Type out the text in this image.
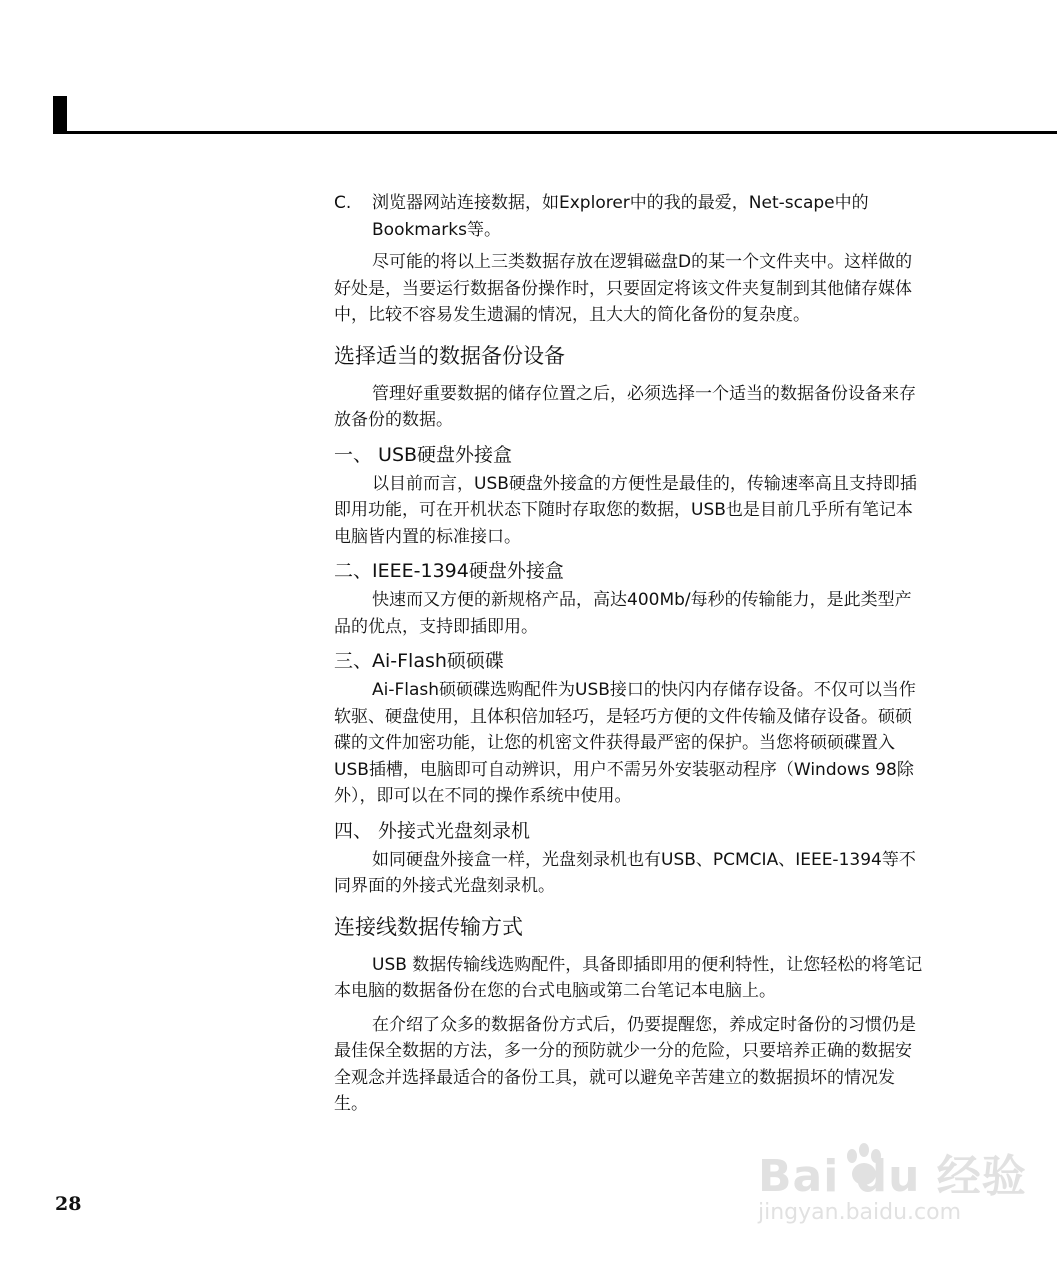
C.	浏览器网站连接数据，如Explorer中的我的最爱，Net-scape中的Bookmarks等。

尽可能的将以上三类数据存放在逻辑磁盘D的某一个文件夹中。这样做的好处是，当要运行数据备份操作时，只要固定将该文件夹复制到其他储存媒体中，比较不容易发生遗漏的情况，且大大的简化备份的复杂度。

选择适当的数据备份设备

管理好重要数据的储存位置之后，必须选择一个适当的数据备份设备来存放备份的数据。

一、 USB硬盘外接盒

以目前而言，USB硬盘外接盒的方便性是最佳的，传输速率高且支持即插即用功能，可在开机状态下随时存取您的数据，USB也是目前几乎所有笔记本电脑皆内置的标准接口。

二、IEEE-1394硬盘外接盒

快速而又方便的新规格产品，高达400Mb/每秒的传输能力，是此类型产品的优点，支持即插即用。

三、Ai-Flash硕硕碟

Ai-Flash硕硕碟选购配件为USB接口的快闪内存储存设备。不仅可以当作软驱、硬盘使用，且体积倍加轻巧，是轻巧方便的文件传输及储存设备。硕硕碟的文件加密功能，让您的机密文件获得最严密的保护。当您将硕硕碟置入USB插槽，电脑即可自动辨识，用户不需另外安装驱动程序（Windows 98除外），即可以在不同的操作系统中使用。

四、 外接式光盘刻录机

如同硬盘外接盒一样，光盘刻录机也有USB、PCMCIA、IEEE-1394等不同界面的外接式光盘刻录机。

连接线数据传输方式

USB 数据传输线选购配件，具备即插即用的便利特性，让您轻松的将笔记本电脑的数据备份在您的台式电脑或第二台笔记本电脑上。

在介绍了众多的数据备份方式后，仍要提醒您，养成定时备份的习惯仍是最佳保全数据的方法，多一分的预防就少一分的危险，只要培养正确的数据安全观念并选择最适合的备份工具，就可以避免辛苦建立的数据损坏的情况发生。

28
Bai du 经验
jingyan.baidu.com
